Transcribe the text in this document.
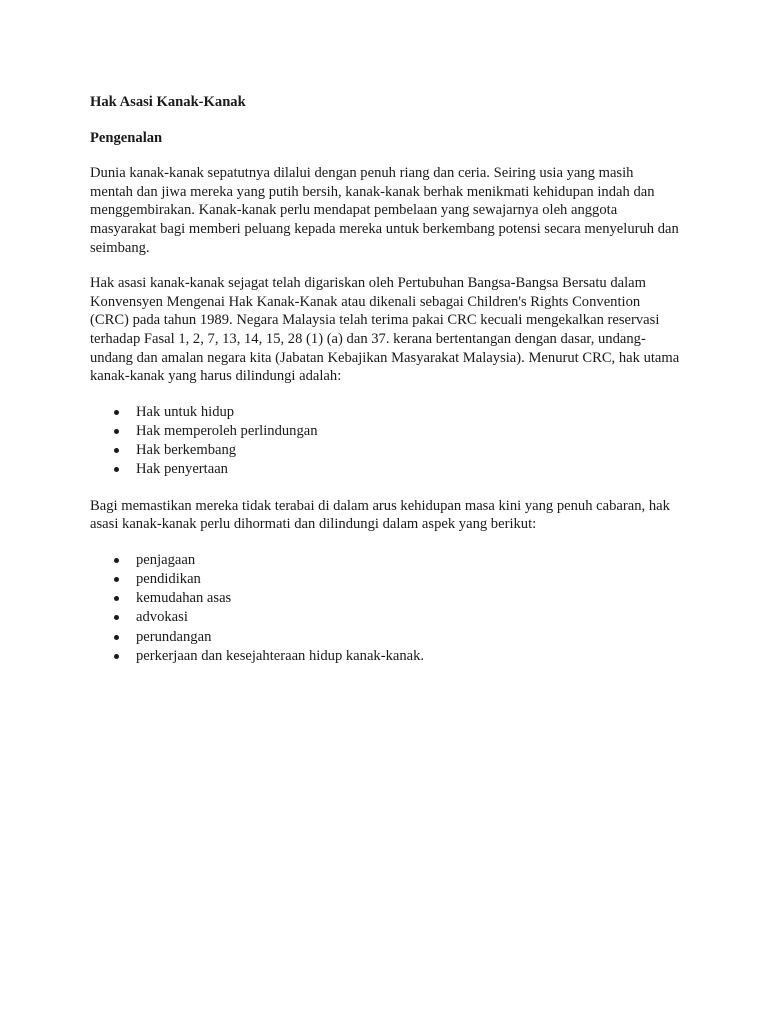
Hak Asasi Kanak-Kanak
Pengenalan

Dunia kanak-kanak sepatutnya dilalui dengan penuh riang dan ceria. Seiring usia yang masih mentah dan jiwa mereka yang putih bersih, kanak-kanak berhak menikmati kehidupan indah dan menggembirakan. Kanak-kanak perlu mendapat pembelaan yang sewajarnya oleh anggota masyarakat bagi memberi peluang kepada mereka untuk berkembang potensi secara menyeluruh dan seimbang.

Hak asasi kanak-kanak sejagat telah digariskan oleh Pertubuhan Bangsa-Bangsa Bersatu dalam Konvensyen Mengenai Hak Kanak-Kanak atau dikenali sebagai Children's Rights Convention (CRC) pada tahun 1989. Negara Malaysia telah terima pakai CRC kecuali mengekalkan reservasi terhadap Fasal 1, 2, 7, 13, 14, 15, 28 (1) (a) dan 37. kerana bertentangan dengan dasar, undang-undang dan amalan negara kita (Jabatan Kebajikan Masyarakat Malaysia). Menurut CRC, hak utama kanak-kanak yang harus dilindungi adalah:

Hak untuk hidup
Hak memperoleh perlindungan
Hak berkembang
Hak penyertaan

Bagi memastikan mereka tidak terabai di dalam arus kehidupan masa kini yang penuh cabaran, hak asasi kanak-kanak perlu dihormati dan dilindungi dalam aspek yang berikut:

penjagaan
pendidikan
kemudahan asas
advokasi
perundangan
perkerjaan dan kesejahteraan hidup kanak-kanak.
